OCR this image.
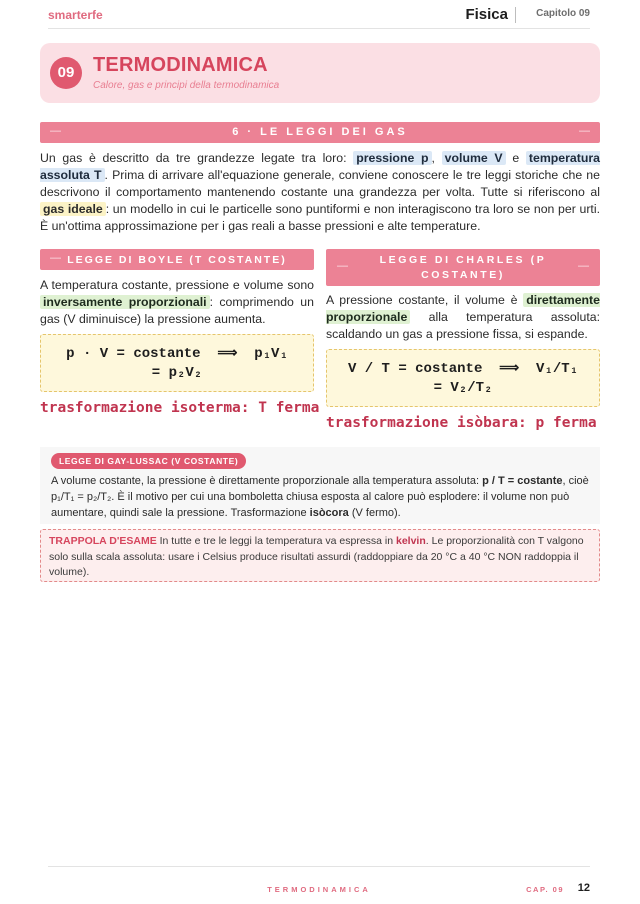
smarterfe	Fisica	Capitolo 09
09 TERMODINAMICA
Calore, gas e principi della termodinamica
—	6 · LE LEGGI DEI GAS	—

Un gas è descritto da tre grandezze legate tra loro: pressione p , volume V e temperatura assoluta T . Prima di arrivare all'equazione generale, conviene conoscere le tre leggi storiche che ne descrivono il comportamento mantenendo costante una grandezza per volta. Tutte si riferiscono al gas ideale : un modello in cui le particelle sono puntiformi e non interagiscono tra loro se non per urti. È un'ottima approssimazione per i gas reali a basse pressioni e alte temperature.

— LEGGE DI BOYLE (T COSTANTE)

A temperatura costante, pressione e volume sono inversamente proporzionali : comprimendo un gas (V diminuisce) la pressione aumenta.

p · V = costante  ⟹  p₁V₁
= p₂V₂
trasformazione isoterma: T ferma
—	LEGGE DI CHARLES (P
COSTANTE)
—

A pressione costante, il volume è direttamente proporzionale alla temperatura assoluta: scaldando un gas a pressione fissa, si espande.

V / T = costante  ⟹  V₁/T₁
= V₂/T₂
trasformazione isòbara: p ferma
LEGGE DI GAY-LUSSAC (V COSTANTE)

A volume costante, la pressione è direttamente proporzionale alla temperatura assoluta: p / T = costante, cioè p₁/T₁ = p₂/T₂. È il motivo per cui una bomboletta chiusa esposta al calore può esplodere: il volume non può aumentare, quindi sale la pressione. Trasformazione isòcora (V fermo).

TRAPPOLA D'ESAME In tutte e tre le leggi la temperatura va espressa in kelvin. Le proporzionalità con T valgono solo sulla scala assoluta: usare i Celsius produce risultati assurdi (raddoppiare da 20 °C a 40 °C NON raddoppia il volume).

TERMODINAMICA	CAP. 09 12
